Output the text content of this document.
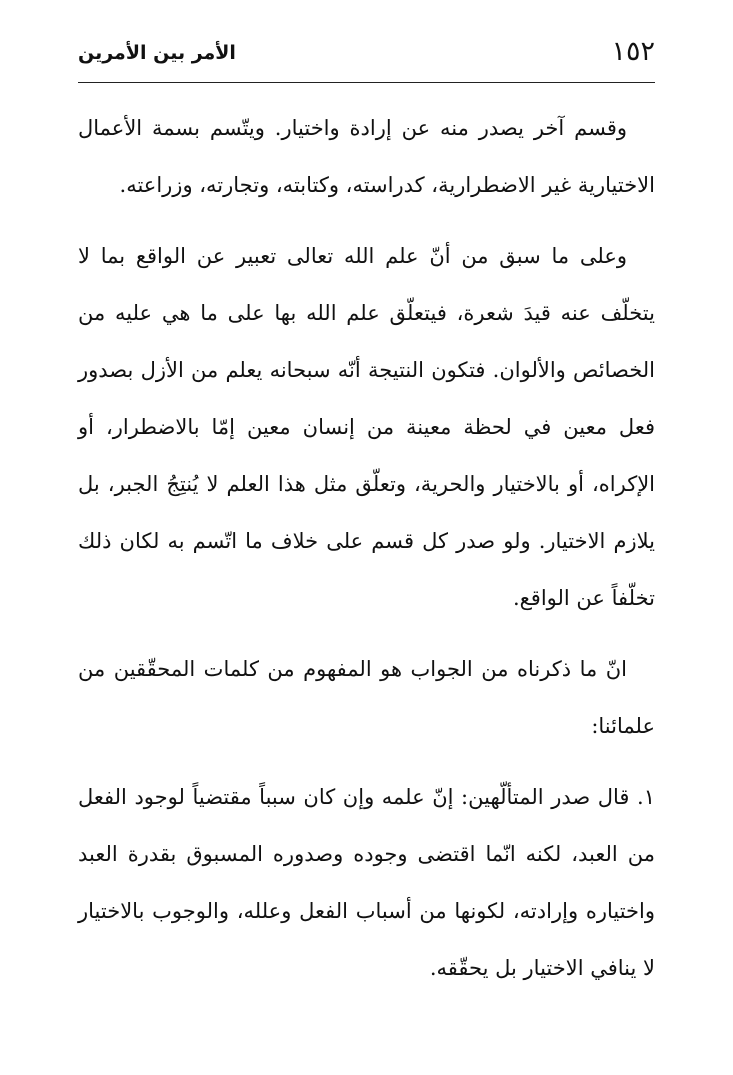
١٥٢
الأمر بين الأمرين

وقسم آخر يصدر منه عن إرادة واختيار. ويتّسم بسمة الأعمال الاختيارية غير الاضطرارية، كدراسته، وكتابته، وتجارته، وزراعته.

وعلى ما سبق من أنّ علم الله تعالى تعبير عن الواقع بما لا يتخلّف عنه قيدَ شعرة، فيتعلّق علم الله بها على ما هي عليه من الخصائص والألوان. فتكون النتيجة أنّه سبحانه يعلم من الأزل بصدور فعل معين في لحظة معينة من إنسان معين إمّا بالاضطرار، أو الإكراه، أو بالاختيار والحرية، وتعلّق مثل هذا العلم لا يُنتِجُ الجبر، بل يلازم الاختيار. ولو صدر كل قسم على خلاف ما اتّسم به لكان ذلك تخلّفاً عن الواقع.

انّ ما ذكرناه من الجواب هو المفهوم من كلمات المحقّقين من علمائنا:

١. قال صدر المتألّهين: إنّ علمه وإن كان سبباً مقتضياً لوجود الفعل من العبد، لكنه انّما اقتضى وجوده وصدوره المسبوق بقدرة العبد واختياره وإرادته، لكونها من أسباب الفعل وعلله، والوجوب بالاختيار لا ينافي الاختيار بل يحقّقه.
